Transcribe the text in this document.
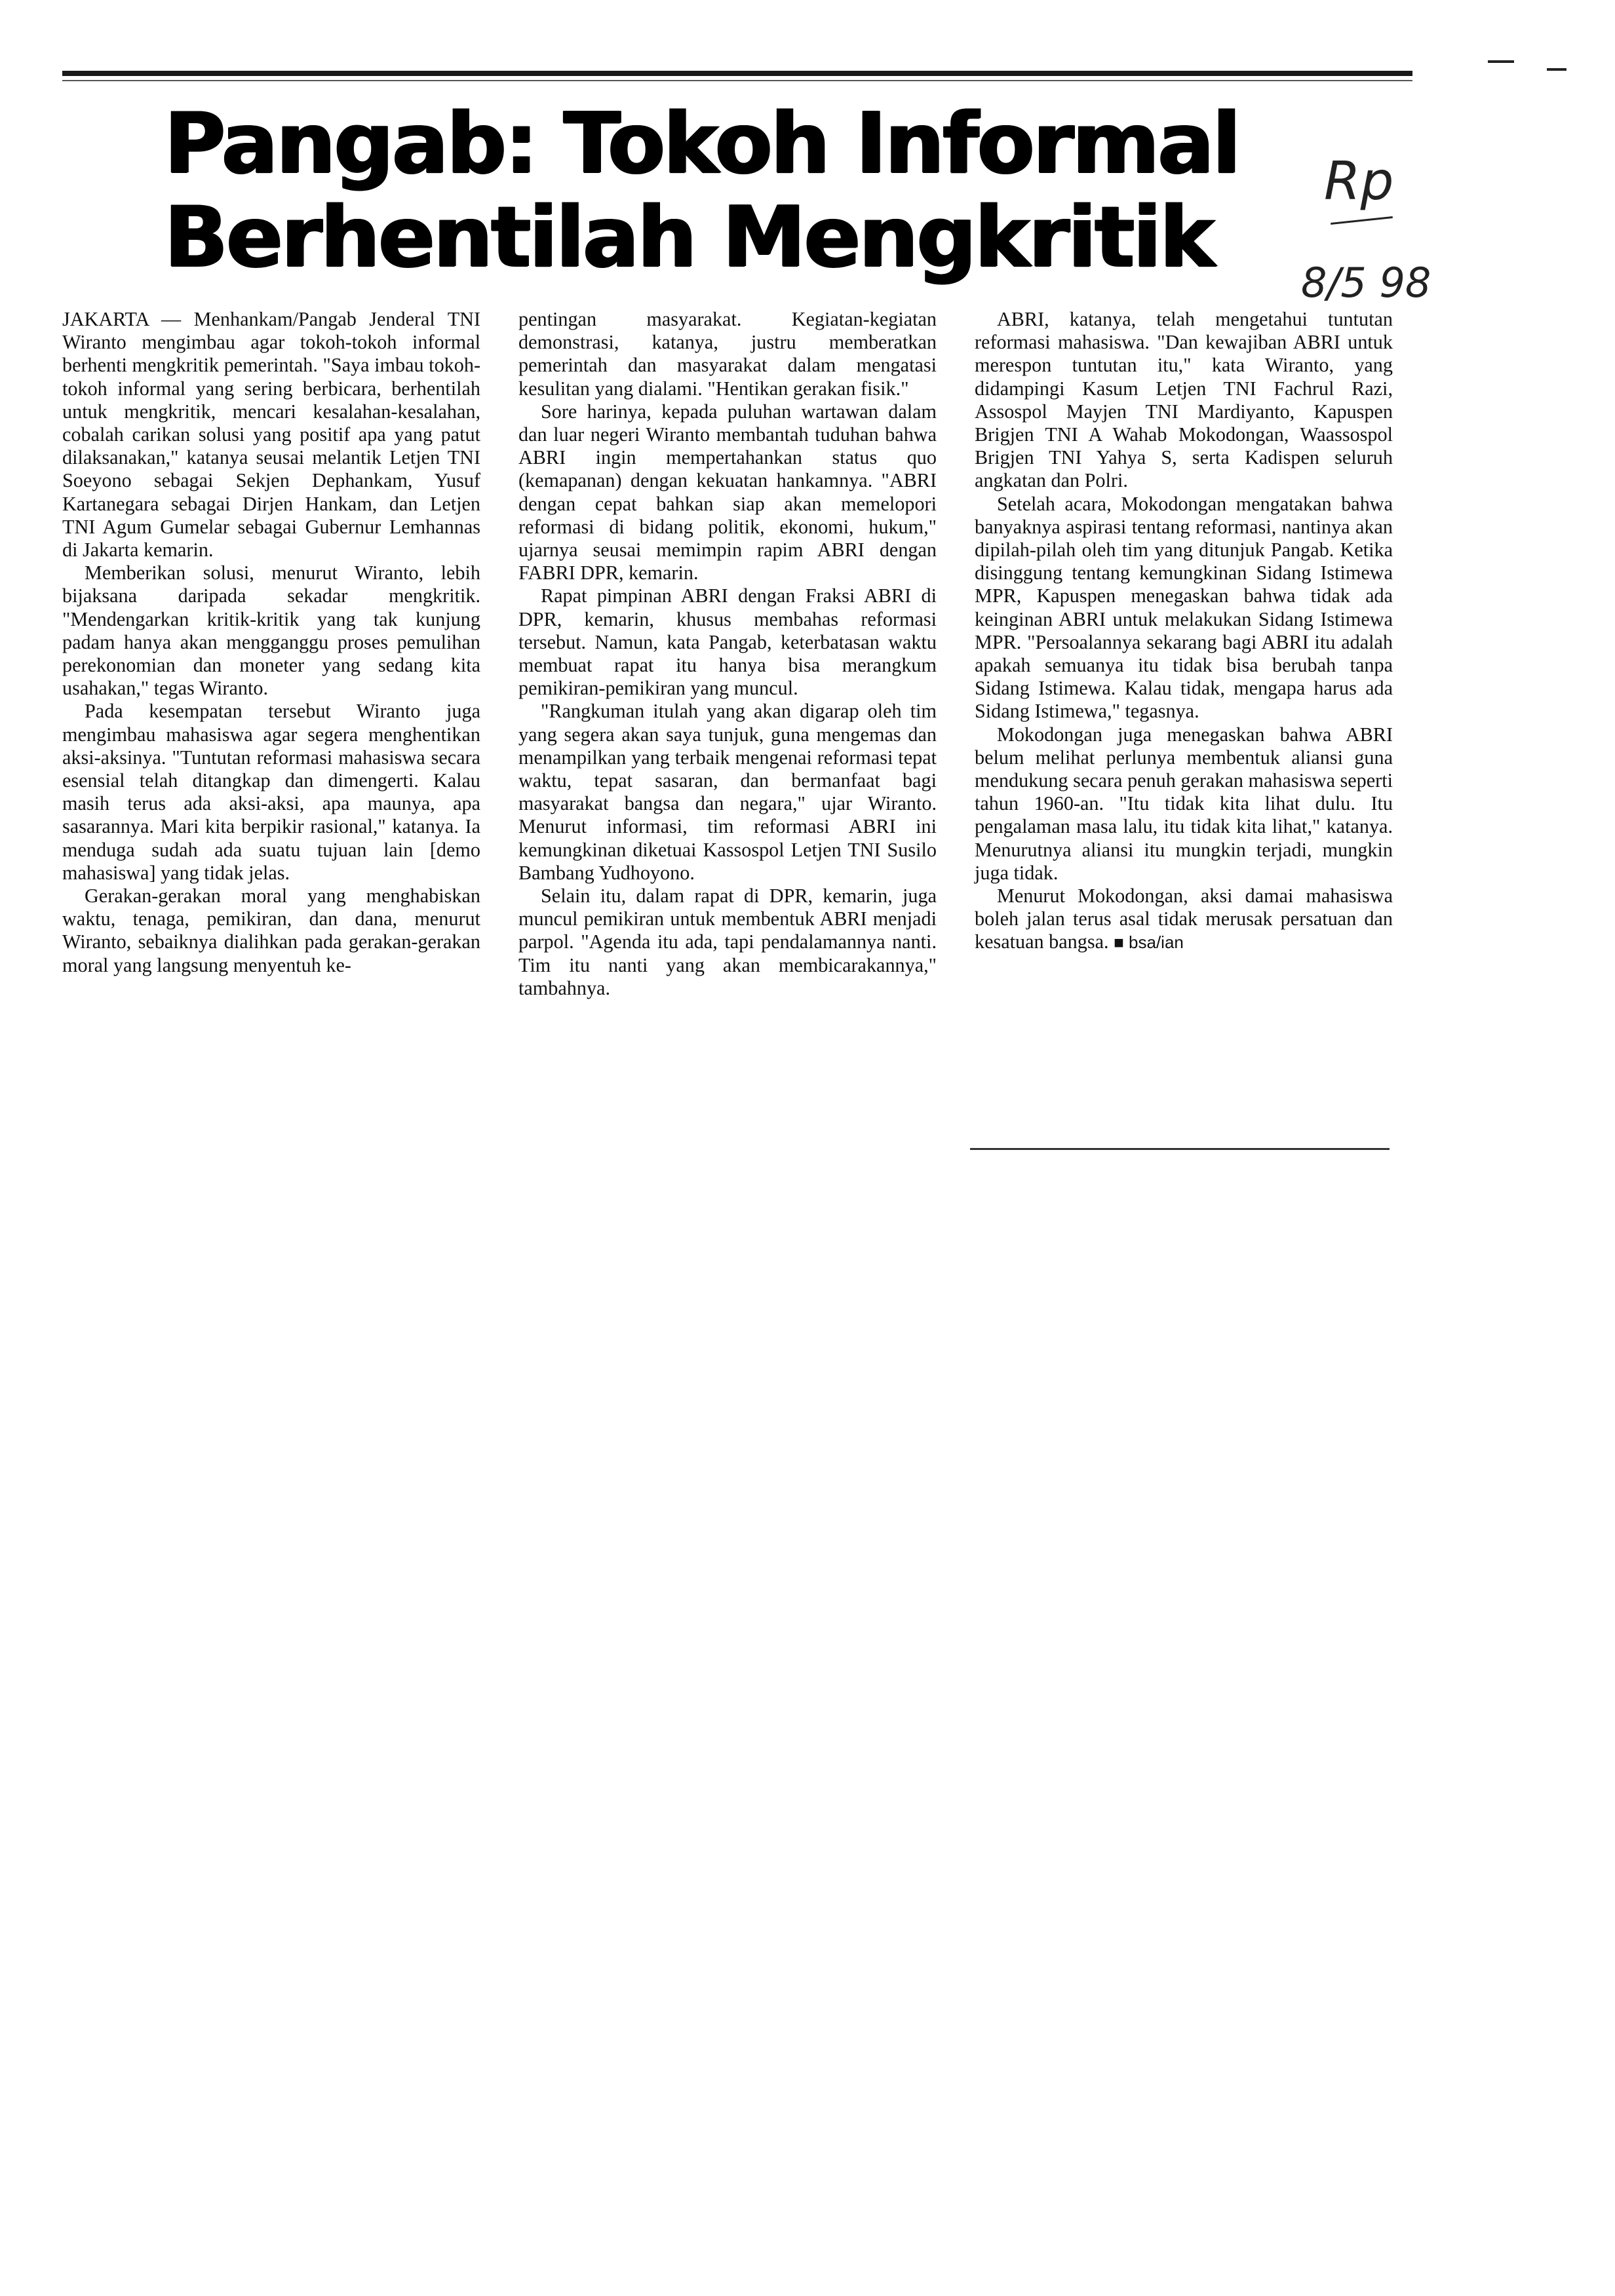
Pangab: Tokoh Informal
Berhentilah Mengkritik
Rp
8/5 98

JAKARTA — Menhankam/Pangab Jenderal TNI Wiranto mengimbau agar tokoh-tokoh informal berhenti mengkritik pemerintah. "Saya imbau tokoh-tokoh informal yang sering berbicara, berhentilah untuk mengkritik, mencari kesalahan-kesalahan, cobalah carikan solusi yang positif apa yang patut dilaksanakan," katanya seusai melantik Letjen TNI Soeyono sebagai Sekjen Dephankam, Yusuf Kartanegara sebagai Dirjen Hankam, dan Letjen TNI Agum Gumelar sebagai Gubernur Lemhannas di Jakarta kemarin.

Memberikan solusi, menurut Wiranto, lebih bijaksana daripada sekadar mengkritik. "Mendengarkan kritik-kritik yang tak kunjung padam hanya akan mengganggu proses pemulihan perekonomian dan moneter yang sedang kita usahakan," tegas Wiranto.

Pada kesempatan tersebut Wiranto juga mengimbau mahasiswa agar segera menghentikan aksi-aksinya. "Tuntutan reformasi mahasiswa secara esensial telah ditangkap dan dimengerti. Kalau masih terus ada aksi-aksi, apa maunya, apa sasarannya. Mari kita berpikir rasional," katanya. Ia menduga sudah ada suatu tujuan lain [demo mahasiswa] yang tidak jelas.

Gerakan-gerakan moral yang menghabiskan waktu, tenaga, pemikiran, dan dana, menurut Wiranto, sebaiknya dialihkan pada gerakan-gerakan moral yang langsung menyentuh ke-

pentingan masyarakat. Kegiatan-kegiatan demonstrasi, katanya, justru memberatkan pemerintah dan masyarakat dalam mengatasi kesulitan yang dialami. "Hentikan gerakan fisik."

Sore harinya, kepada puluhan wartawan dalam dan luar negeri Wiranto membantah tuduhan bahwa ABRI ingin mempertahankan status quo (kemapanan) dengan kekuatan hankamnya. "ABRI dengan cepat bahkan siap akan memelopori reformasi di bidang politik, ekonomi, hukum," ujarnya seusai memimpin rapim ABRI dengan FABRI DPR, kemarin.

Rapat pimpinan ABRI dengan Fraksi ABRI di DPR, kemarin, khusus membahas reformasi tersebut. Namun, kata Pangab, keterbatasan waktu membuat rapat itu hanya bisa merangkum pemikiran-pemikiran yang muncul.

"Rangkuman itulah yang akan digarap oleh tim yang segera akan saya tunjuk, guna mengemas dan menampilkan yang terbaik mengenai reformasi tepat waktu, tepat sasaran, dan bermanfaat bagi masyarakat bangsa dan negara," ujar Wiranto. Menurut informasi, tim reformasi ABRI ini kemungkinan diketuai Kassospol Letjen TNI Susilo Bambang Yudhoyono.

Selain itu, dalam rapat di DPR, kemarin, juga muncul pemikiran untuk membentuk ABRI menjadi parpol. "Agenda itu ada, tapi pendalamannya nanti. Tim itu nanti yang akan membicarakannya," tambahnya.

ABRI, katanya, telah mengetahui tuntutan reformasi mahasiswa. "Dan kewajiban ABRI untuk merespon tuntutan itu," kata Wiranto, yang didampingi Kasum Letjen TNI Fachrul Razi, Assospol Mayjen TNI Mardiyanto, Kapuspen Brigjen TNI A Wahab Mokodongan, Waassospol Brigjen TNI Yahya S, serta Kadispen seluruh angkatan dan Polri.

Setelah acara, Mokodongan mengatakan bahwa banyaknya aspirasi tentang reformasi, nantinya akan dipilah-pilah oleh tim yang ditunjuk Pangab. Ketika disinggung tentang kemungkinan Sidang Istimewa MPR, Kapuspen menegaskan bahwa tidak ada keinginan ABRI untuk melakukan Sidang Istimewa MPR. "Persoalannya sekarang bagi ABRI itu adalah apakah semuanya itu tidak bisa berubah tanpa Sidang Istimewa. Kalau tidak, mengapa harus ada Sidang Istimewa," tegasnya.

Mokodongan juga menegaskan bahwa ABRI belum melihat perlunya membentuk aliansi guna mendukung secara penuh gerakan mahasiswa seperti tahun 1960-an. "Itu tidak kita lihat dulu. Itu pengalaman masa lalu, itu tidak kita lihat," katanya. Menurutnya aliansi itu mungkin terjadi, mungkin juga tidak.

Menurut Mokodongan, aksi damai mahasiswa boleh jalan terus asal tidak merusak persatuan dan kesatuan bangsa. ■ bsa/ian
